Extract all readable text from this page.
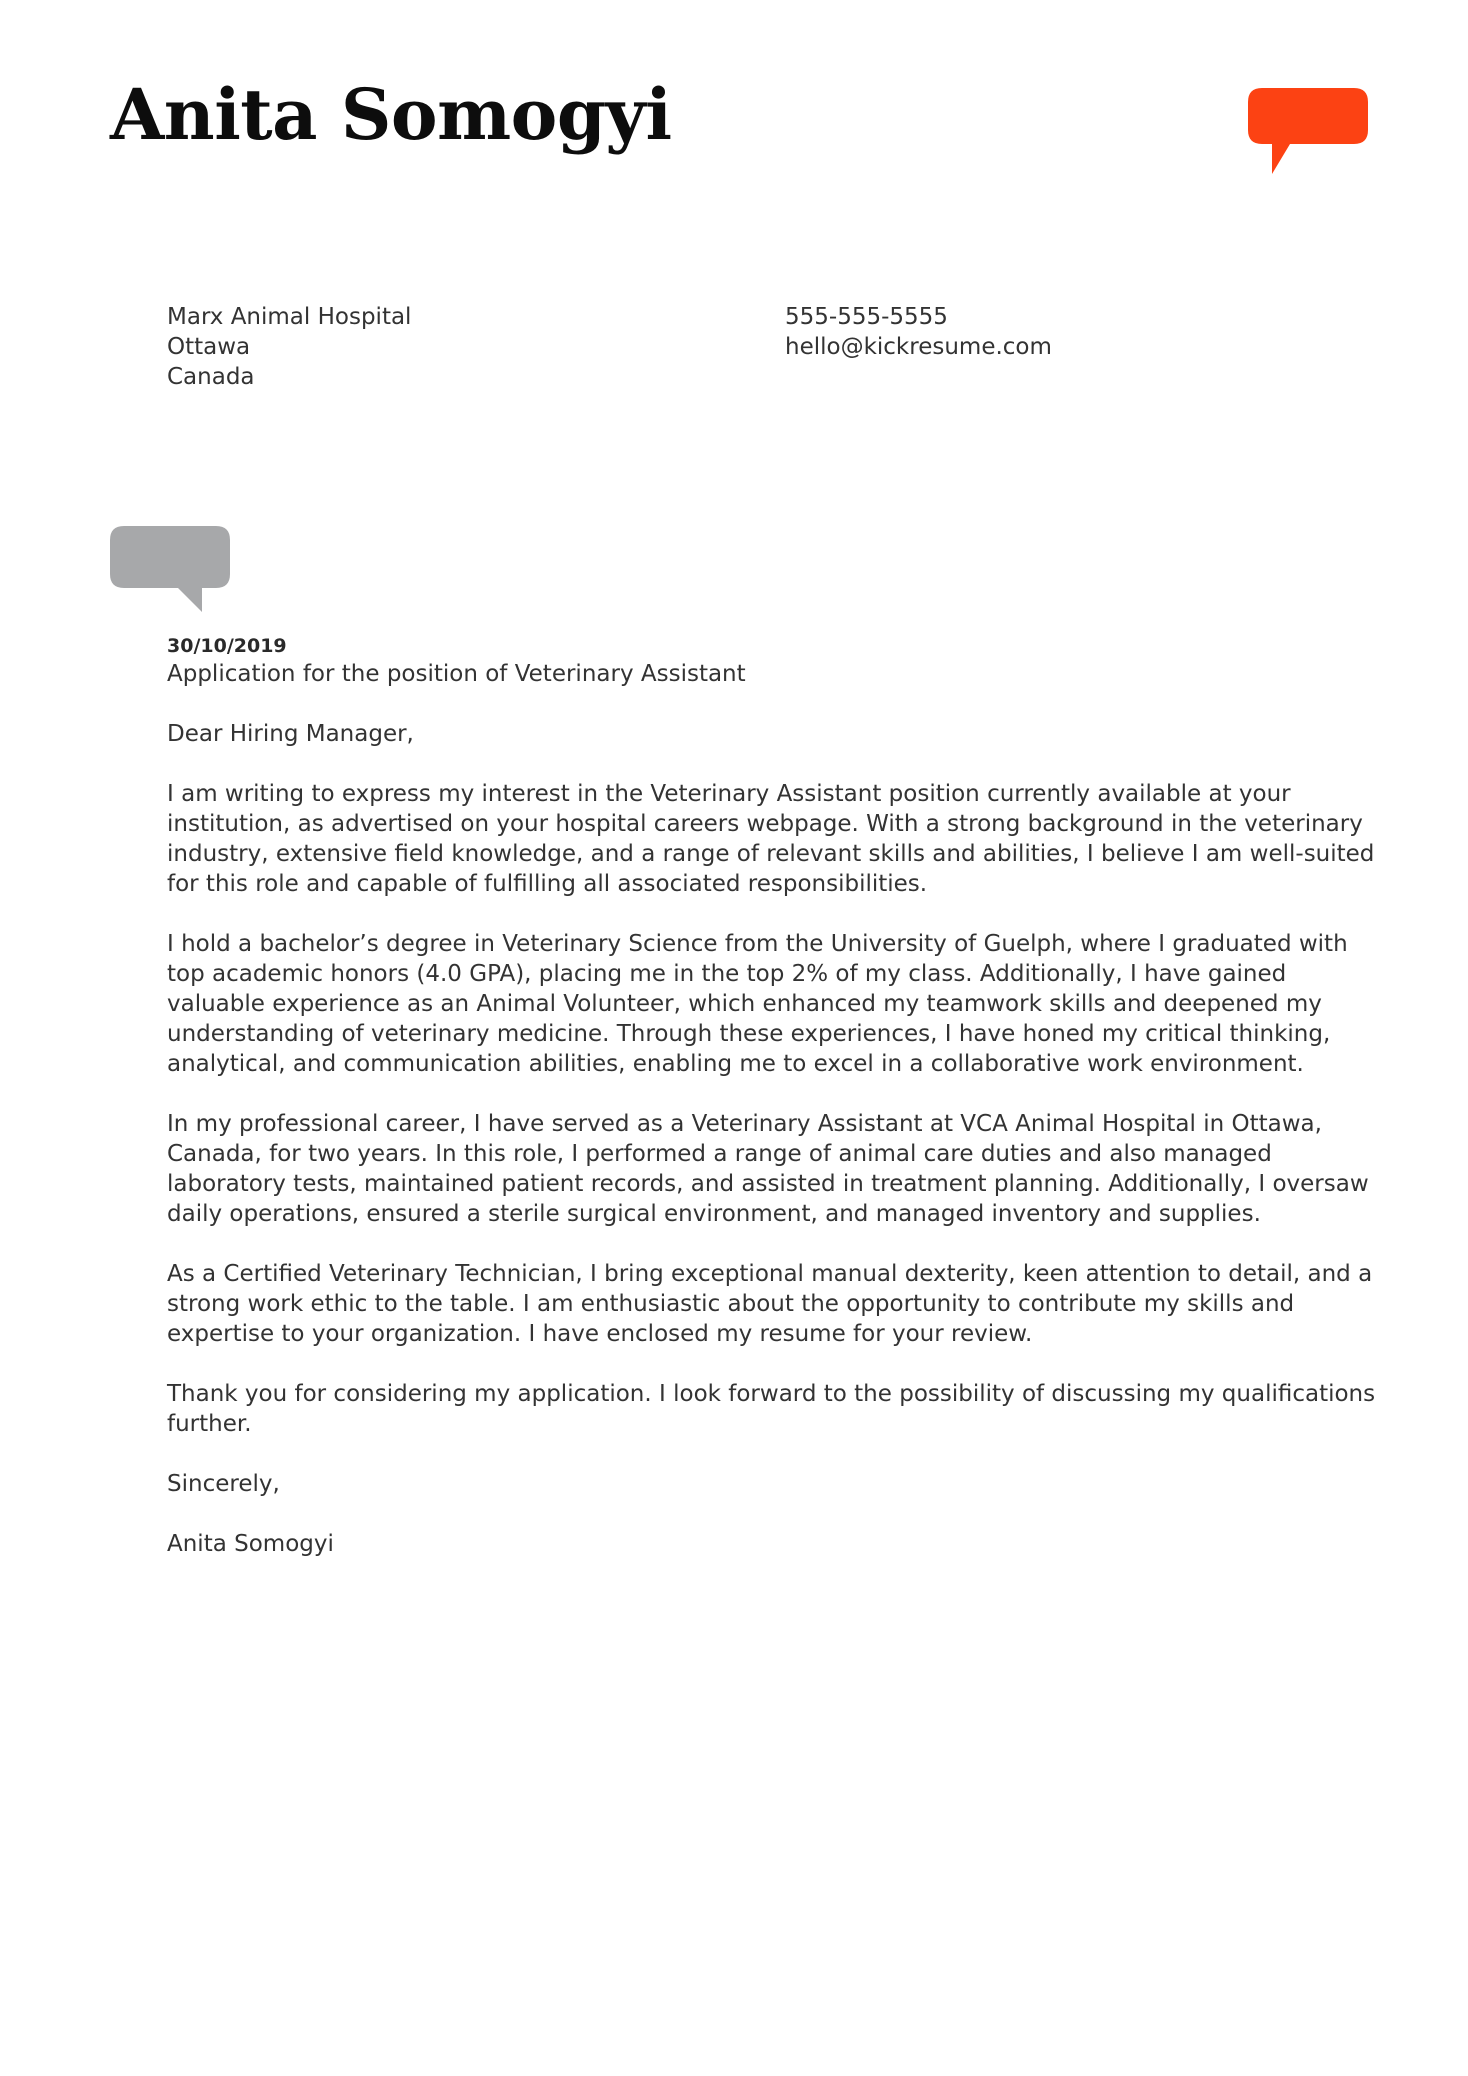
Anita Somogyi
Marx Animal Hospital
Ottawa
Canada
555-555-5555
hello@kickresume.com
30/10/2019
Application for the position of Veterinary Assistant

Dear Hiring Manager,

I am writing to express my interest in the Veterinary Assistant position currently available at your institution, as advertised on your hospital careers webpage. With a strong background in the veterinary industry, extensive field knowledge, and a range of relevant skills and abilities, I believe I am well-suited for this role and capable of fulfilling all associated responsibilities.

I hold a bachelor’s degree in Veterinary Science from the University of Guelph, where I graduated with top academic honors (4.0 GPA), placing me in the top 2% of my class. Additionally, I have gained valuable experience as an Animal Volunteer, which enhanced my teamwork skills and deepened my understanding of veterinary medicine. Through these experiences, I have honed my critical thinking, analytical, and communication abilities, enabling me to excel in a collaborative work environment.

In my professional career, I have served as a Veterinary Assistant at VCA Animal Hospital in Ottawa, Canada, for two years. In this role, I performed a range of animal care duties and also managed laboratory tests, maintained patient records, and assisted in treatment planning. Additionally, I oversaw daily operations, ensured a sterile surgical environment, and managed inventory and supplies.

As a Certified Veterinary Technician, I bring exceptional manual dexterity, keen attention to detail, and a strong work ethic to the table. I am enthusiastic about the opportunity to contribute my skills and expertise to your organization. I have enclosed my resume for your review.

Thank you for considering my application. I look forward to the possibility of discussing my qualifications further.

Sincerely,

Anita Somogyi
